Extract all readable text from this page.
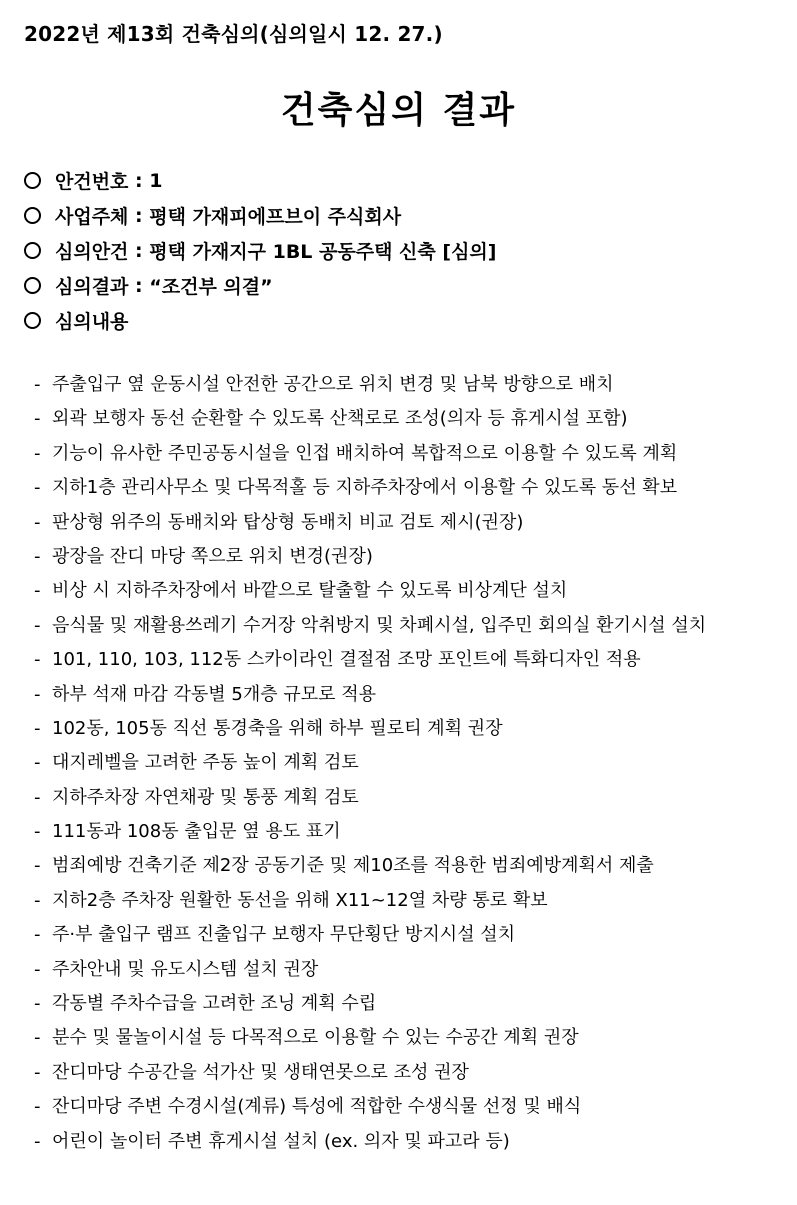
2022년 제13회 건축심의(심의일시 12. 27.)
건축심의 결과
안건번호 : 1
사업주체 : 평택 가재피에프브이 주식회사
심의안건 : 평택 가재지구 1BL 공동주택 신축 [심의]
심의결과 : “조건부 의결”
심의내용
- 주출입구 옆 운동시설 안전한 공간으로 위치 변경 및 남북 방향으로 배치
- 외곽 보행자 동선 순환할 수 있도록 산책로로 조성(의자 등 휴게시설 포함)
- 기능이 유사한 주민공동시설을 인접 배치하여 복합적으로 이용할 수 있도록 계획
- 지하1층 관리사무소 및 다목적홀 등 지하주차장에서 이용할 수 있도록 동선 확보
- 판상형 위주의 동배치와 탑상형 동배치 비교 검토 제시(권장)
- 광장을 잔디 마당 쪽으로 위치 변경(권장)
- 비상 시 지하주차장에서 바깥으로 탈출할 수 있도록 비상계단 설치
- 음식물 및 재활용쓰레기 수거장 악취방지 및 차폐시설, 입주민 회의실 환기시설 설치
- 101, 110, 103, 112동 스카이라인 결절점 조망 포인트에 특화디자인 적용
- 하부 석재 마감 각동별 5개층 규모로 적용
- 102동, 105동 직선 통경축을 위해 하부 필로티 계획 권장
- 대지레벨을 고려한 주동 높이 계획 검토
- 지하주차장 자연채광 및 통풍 계획 검토
- 111동과 108동 출입문 옆 용도 표기
- 범죄예방 건축기준 제2장 공동기준 및 제10조를 적용한 범죄예방계획서 제출
- 지하2층 주차장 원활한 동선을 위해 X11~12열 차량 통로 확보
- 주·부 출입구 램프 진출입구 보행자 무단횡단 방지시설 설치
- 주차안내 및 유도시스템 설치 권장
- 각동별 주차수급을 고려한 조닝 계획 수립
- 분수 및 물놀이시설 등 다목적으로 이용할 수 있는 수공간 계획 권장
- 잔디마당 수공간을 석가산 및 생태연못으로 조성 권장
- 잔디마당 주변 수경시설(계류) 특성에 적합한 수생식물 선정 및 배식
- 어린이 놀이터 주변 휴게시설 설치 (ex. 의자 및 파고라 등)
